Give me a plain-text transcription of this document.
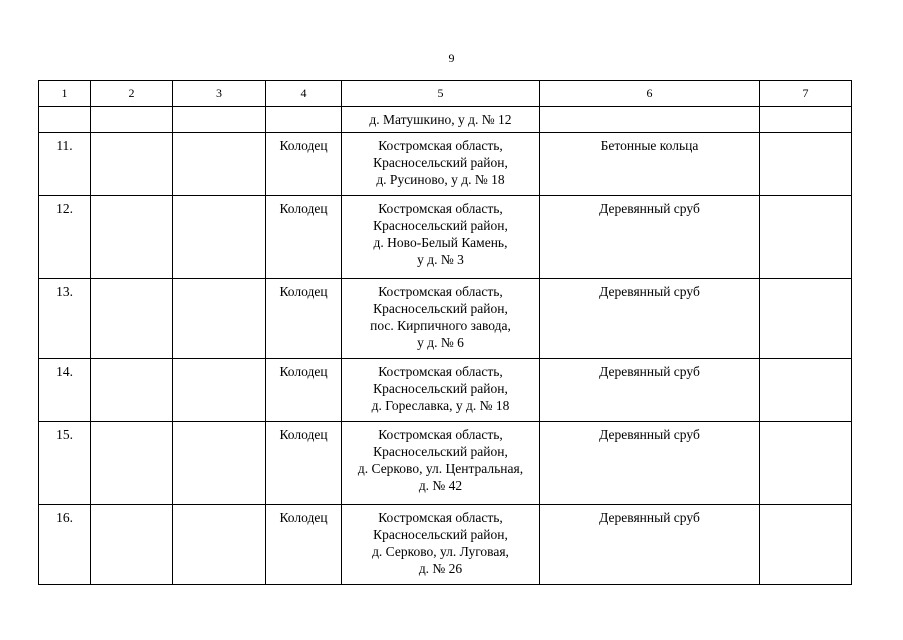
9
1	2	3	4	5	6	7

				д. Матушкино, у д. № 12		

11.			Колодец	Костромская область,
Красносельский район,
д. Русиново, у д. № 18	Бетонные кольца	

12.			Колодец	Костромская область,
Красносельский район,
д. Ново-Белый Камень,
у д. № 3	Деревянный сруб	

13.			Колодец	Костромская область,
Красносельский район,
пос. Кирпичного завода,
у д. № 6	Деревянный сруб	

14.			Колодец	Костромская область,
Красносельский район,
д. Гореславка, у д. № 18	Деревянный сруб	

15.			Колодец	Костромская область,
Красносельский район,
д. Серково, ул. Центральная,
д. № 42	Деревянный сруб	

16.			Колодец	Костромская область,
Красносельский район,
д. Серково, ул. Луговая,
д. № 26	Деревянный сруб	
